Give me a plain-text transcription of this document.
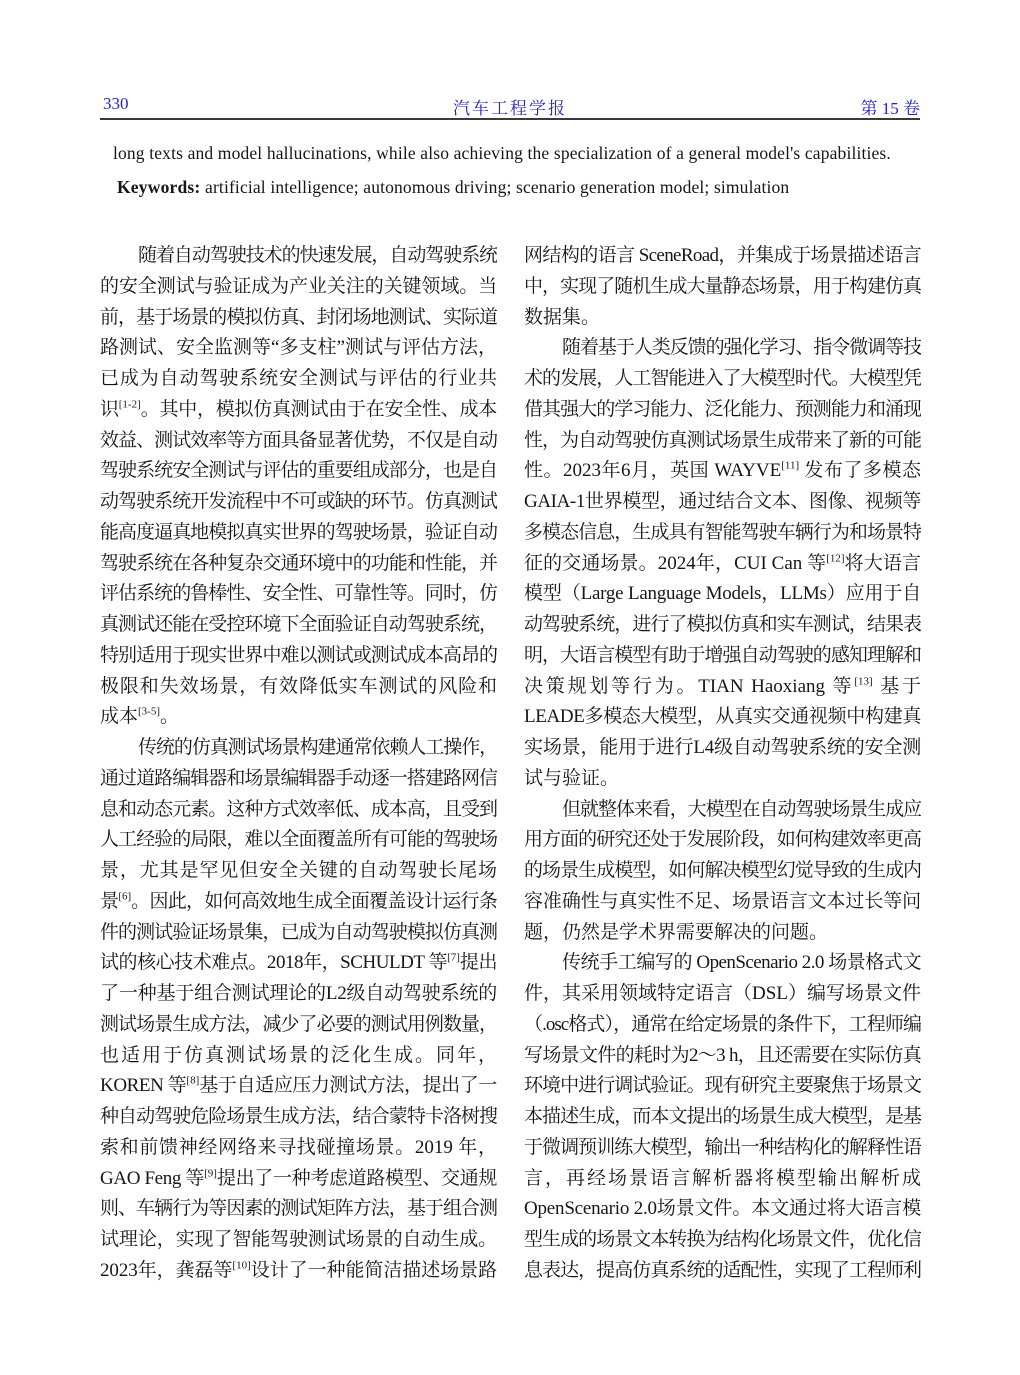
330	汽车工程学报	第 15 卷

long texts and model hallucinations, while also achieving the specialization of a general model's capabilities.

Keywords: artificial intelligence; autonomous driving; scenario generation model; simulation

随着自动驾驶技术的快速发展，自动驾驶系统
的安全测试与验证成为产业关注的关键领域。当
前，基于场景的模拟仿真、封闭场地测试、实际道
路测试、安全监测等“多支柱”测试与评估方法，
已成为自动驾驶系统安全测试与评估的行业共
识[1-2]。其中，模拟仿真测试由于在安全性、成本
效益、测试效率等方面具备显著优势，不仅是自动
驾驶系统安全测试与评估的重要组成部分，也是自
动驾驶系统开发流程中不可或缺的环节。仿真测试
能高度逼真地模拟真实世界的驾驶场景，验证自动
驾驶系统在各种复杂交通环境中的功能和性能，并
评估系统的鲁棒性、安全性、可靠性等。同时，仿
真测试还能在受控环境下全面验证自动驾驶系统，
特别适用于现实世界中难以测试或测试成本高昂的
极限和失效场景，有效降低实车测试的风险和
成本[3-5]。
传统的仿真测试场景构建通常依赖人工操作，
通过道路编辑器和场景编辑器手动逐一搭建路网信
息和动态元素。这种方式效率低、成本高，且受到
人工经验的局限，难以全面覆盖所有可能的驾驶场
景，尤其是罕见但安全关键的自动驾驶长尾场
景[6]。因此，如何高效地生成全面覆盖设计运行条
件的测试验证场景集，已成为自动驾驶模拟仿真测
试的核心技术难点。2018年，SCHULDT 等[7]提出
了一种基于组合测试理论的L2级自动驾驶系统的
测试场景生成方法，减少了必要的测试用例数量，
也适用于仿真测试场景的泛化生成。同年，
KOREN 等[8]基于自适应压力测试方法，提出了一
种自动驾驶危险场景生成方法，结合蒙特卡洛树搜
索和前馈神经网络来寻找碰撞场景。2019 年，
GAO Feng 等[9]提出了一种考虑道路模型、交通规
则、车辆行为等因素的测试矩阵方法，基于组合测
试理论，实现了智能驾驶测试场景的自动生成。
2023年，龚磊等[10]设计了一种能简洁描述场景路
网结构的语言 SceneRoad，并集成于场景描述语言
中，实现了随机生成大量静态场景，用于构建仿真
数据集。
随着基于人类反馈的强化学习、指令微调等技
术的发展，人工智能进入了大模型时代。大模型凭
借其强大的学习能力、泛化能力、预测能力和涌现
性，为自动驾驶仿真测试场景生成带来了新的可能
性。2023年6月，英国 WAYVE[11] 发布了多模态
GAIA-1世界模型，通过结合文本、图像、视频等
多模态信息，生成具有智能驾驶车辆行为和场景特
征的交通场景。2024年，CUI Can 等[12]将大语言
模型（Large Language Models，LLMs）应用于自
动驾驶系统，进行了模拟仿真和实车测试，结果表
明，大语言模型有助于增强自动驾驶的感知理解和
决策规划等行为。TIAN Haoxiang 等[13] 基于
LEADE多模态大模型，从真实交通视频中构建真
实场景，能用于进行L4级自动驾驶系统的安全测
试与验证。
但就整体来看，大模型在自动驾驶场景生成应
用方面的研究还处于发展阶段，如何构建效率更高
的场景生成模型，如何解决模型幻觉导致的生成内
容准确性与真实性不足、场景语言文本过长等问
题，仍然是学术界需要解决的问题。
传统手工编写的 OpenScenario 2.0 场景格式文
件，其采用领域特定语言（DSL）编写场景文件
（.osc格式），通常在给定场景的条件下，工程师编
写场景文件的耗时为2～3 h，且还需要在实际仿真
环境中进行调试验证。现有研究主要聚焦于场景文
本描述生成，而本文提出的场景生成大模型，是基
于微调预训练大模型，输出一种结构化的解释性语
言，再经场景语言解析器将模型输出解析成
OpenScenario 2.0场景文件。本文通过将大语言模
型生成的场景文本转换为结构化场景文件，优化信
息表达，提高仿真系统的适配性，实现了工程师利
